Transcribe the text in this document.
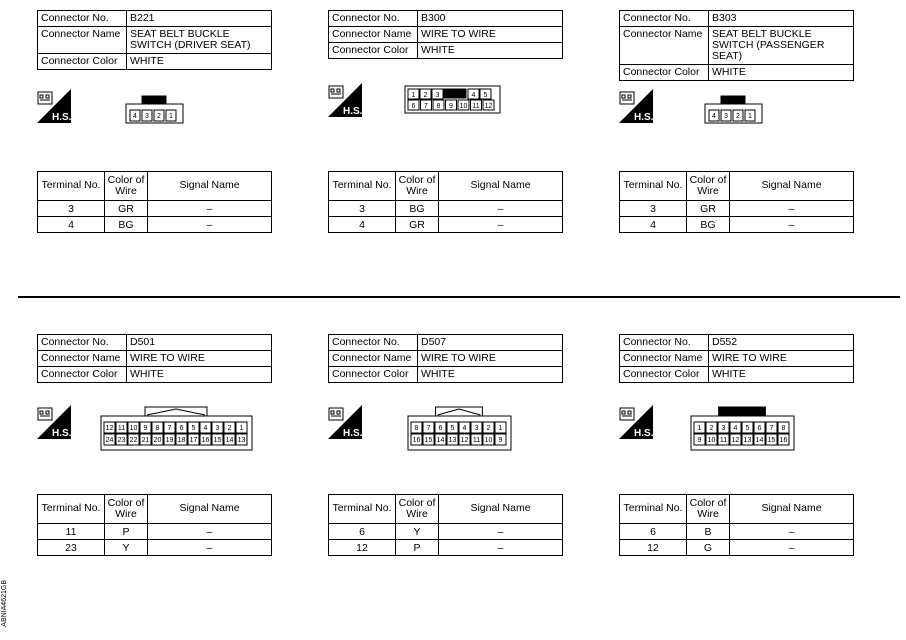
Connector No.	B221
Connector Name	SEAT BELT BUCKLE SWITCH (DRIVER SEAT)
Connector Color	WHITE
H.S.	4 3 2 1
Terminal No.	Color of Wire	Signal Name
3	GR	–
4	BG	–
Connector No.	B300
Connector Name	WIRE TO WIRE
Connector Color	WHITE
H.S.
1 2 3	4 5
6 7 8 9 10 11 12
Terminal No.	Color of Wire	Signal Name
3	BG	–
4	GR	–
Connector No.	B303
Connector Name	SEAT BELT BUCKLE SWITCH (PASSENGER SEAT)
Connector Color	WHITE
H.S.	4 3 2 1
Terminal No.	Color of Wire	Signal Name
3	GR	–
4	BG	–
Connector No.	D501
Connector Name	WIRE TO WIRE
Connector Color	WHITE
H.S.	12 11 10 9 8 7 6 5 4 3 2 1
24 23 22 21 20 19 18 17 16 15 14 13
Terminal No.	Color of Wire	Signal Name
11	P	–
23	Y	–
Connector No.	D507
Connector Name	WIRE TO WIRE
Connector Color	WHITE
H.S.	8 7 6 5 4 3 2 1
16 15 14 13 12 11 10 9
Terminal No.	Color of Wire	Signal Name
6	Y	–
12	P	–
Connector No.	D552
Connector Name	WIRE TO WIRE
Connector Color	WHITE
H.S.	1 2 3 4 5 6 7 8
9 10 11 12 13 14 15 16
Terminal No.	Color of Wire	Signal Name
6	B	–
12	G	–
ABNIA4621GB
